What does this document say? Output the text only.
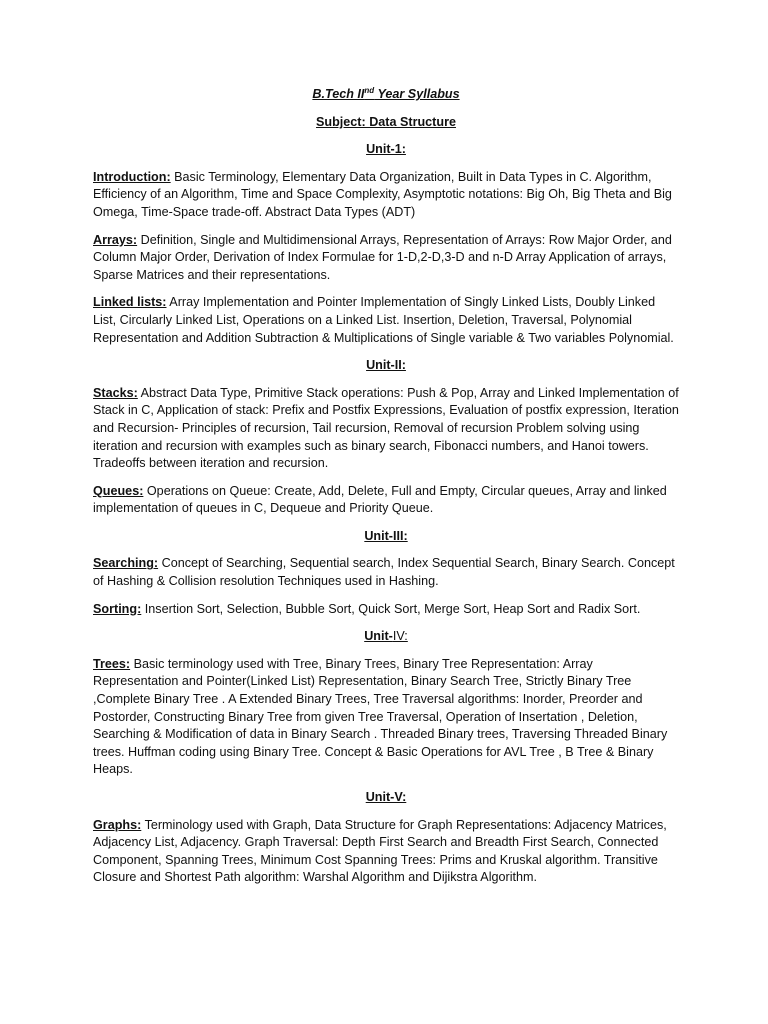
B.Tech IInd Year Syllabus

Subject: Data Structure

Unit-1:

Introduction: Basic Terminology, Elementary Data Organization, Built in Data Types in C. Algorithm, Efficiency of an Algorithm, Time and Space Complexity, Asymptotic notations: Big Oh, Big Theta and Big Omega, Time-Space trade-off. Abstract Data Types (ADT)

Arrays: Definition, Single and Multidimensional Arrays, Representation of Arrays: Row Major Order, and Column Major Order, Derivation of Index Formulae for 1-D,2-D,3-D and n-D Array Application of arrays, Sparse Matrices and their representations.

Linked lists: Array Implementation and Pointer Implementation of Singly Linked Lists, Doubly Linked List, Circularly Linked List, Operations on a Linked List. Insertion, Deletion, Traversal, Polynomial Representation and Addition Subtraction & Multiplications of Single variable & Two variables Polynomial.

Unit-II:

Stacks: Abstract Data Type, Primitive Stack operations: Push & Pop, Array and Linked Implementation of Stack in C, Application of stack: Prefix and Postfix Expressions, Evaluation of postfix expression, Iteration and Recursion- Principles of recursion, Tail recursion, Removal of recursion Problem solving using iteration and recursion with examples such as binary search, Fibonacci numbers, and Hanoi towers. Tradeoffs between iteration and recursion.

Queues: Operations on Queue: Create, Add, Delete, Full and Empty, Circular queues, Array and linked implementation of queues in C, Dequeue and Priority Queue.

Unit-III:

Searching: Concept of Searching, Sequential search, Index Sequential Search, Binary Search. Concept of Hashing & Collision resolution Techniques used in Hashing.

Sorting: Insertion Sort, Selection, Bubble Sort, Quick Sort, Merge Sort, Heap Sort and Radix Sort.

Unit-IV:

Trees: Basic terminology used with Tree, Binary Trees, Binary Tree Representation: Array Representation and Pointer(Linked List) Representation, Binary Search Tree, Strictly Binary Tree ,Complete Binary Tree . A Extended Binary Trees, Tree Traversal algorithms: Inorder, Preorder and Postorder, Constructing Binary Tree from given Tree Traversal, Operation of Insertation , Deletion, Searching & Modification of data in Binary Search . Threaded Binary trees, Traversing Threaded Binary trees. Huffman coding using Binary Tree. Concept & Basic Operations for AVL Tree , B Tree & Binary Heaps.

Unit-V:

Graphs: Terminology used with Graph, Data Structure for Graph Representations: Adjacency Matrices, Adjacency List, Adjacency. Graph Traversal: Depth First Search and Breadth First Search, Connected Component, Spanning Trees, Minimum Cost Spanning Trees: Prims and Kruskal algorithm. Transitive Closure and Shortest Path algorithm: Warshal Algorithm and Dijikstra Algorithm.
